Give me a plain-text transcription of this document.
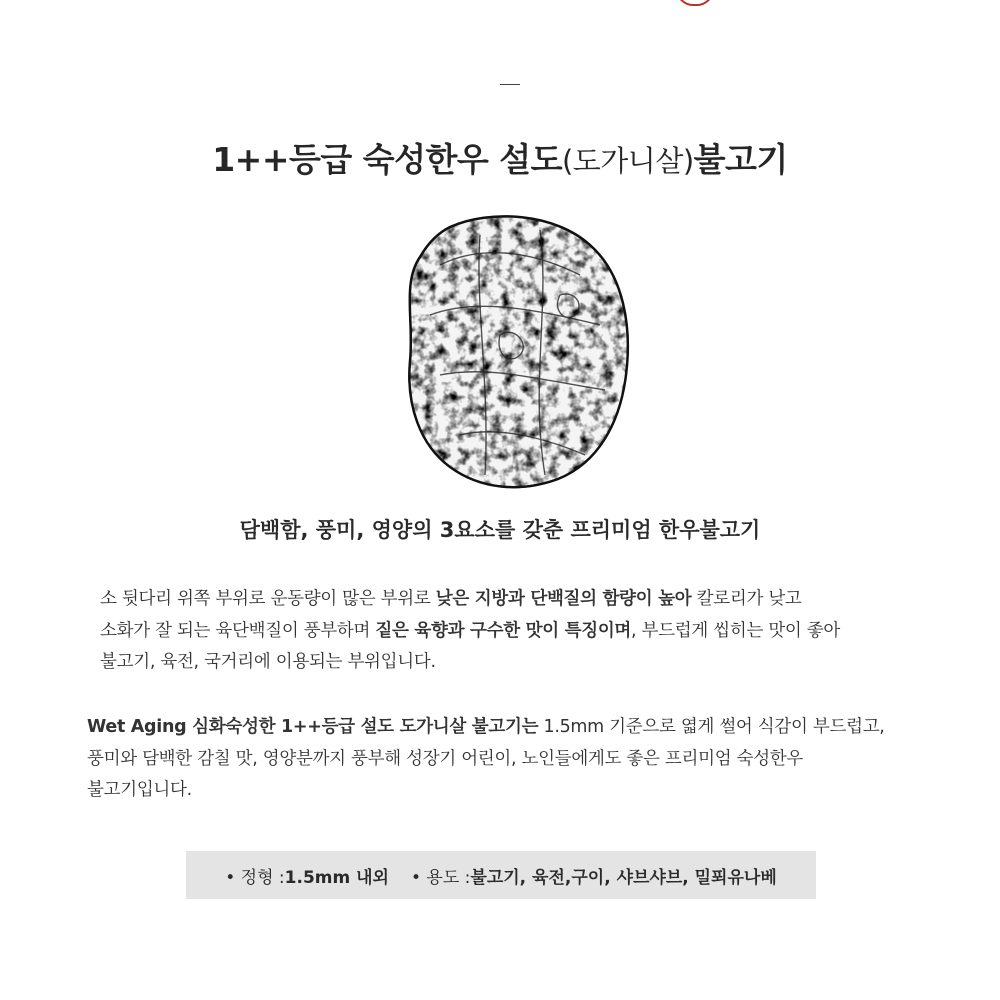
1++등급 숙성한우 설도(도가니살)불고기
담백함, 풍미, 영양의 3요소를 갖춘 프리미엄 한우불고기
소 뒷다리 위쪽 부위로 운동량이 많은 부위로 낮은 지방과 단백질의 함량이 높아 칼로리가 낮고
소화가 잘 되는 육단백질이 풍부하며 짙은 육향과 구수한 맛이 특징이며, 부드럽게 씹히는 맛이 좋아
불고기, 육전, 국거리에 이용되는 부위입니다.
Wet Aging 심화숙성한 1++등급 설도 도가니살 불고기는 1.5mm 기준으로 엷게 썰어 식감이 부드럽고,
풍미와 담백한 감칠 맛, 영양분까지 풍부해 성장기 어린이, 노인들에게도 좋은 프리미엄 숙성한우
불고기입니다.
• 정형 : 1.5mm 내외 • 용도 : 불고기, 육전,구이, 샤브샤브, 밀푀유나베
